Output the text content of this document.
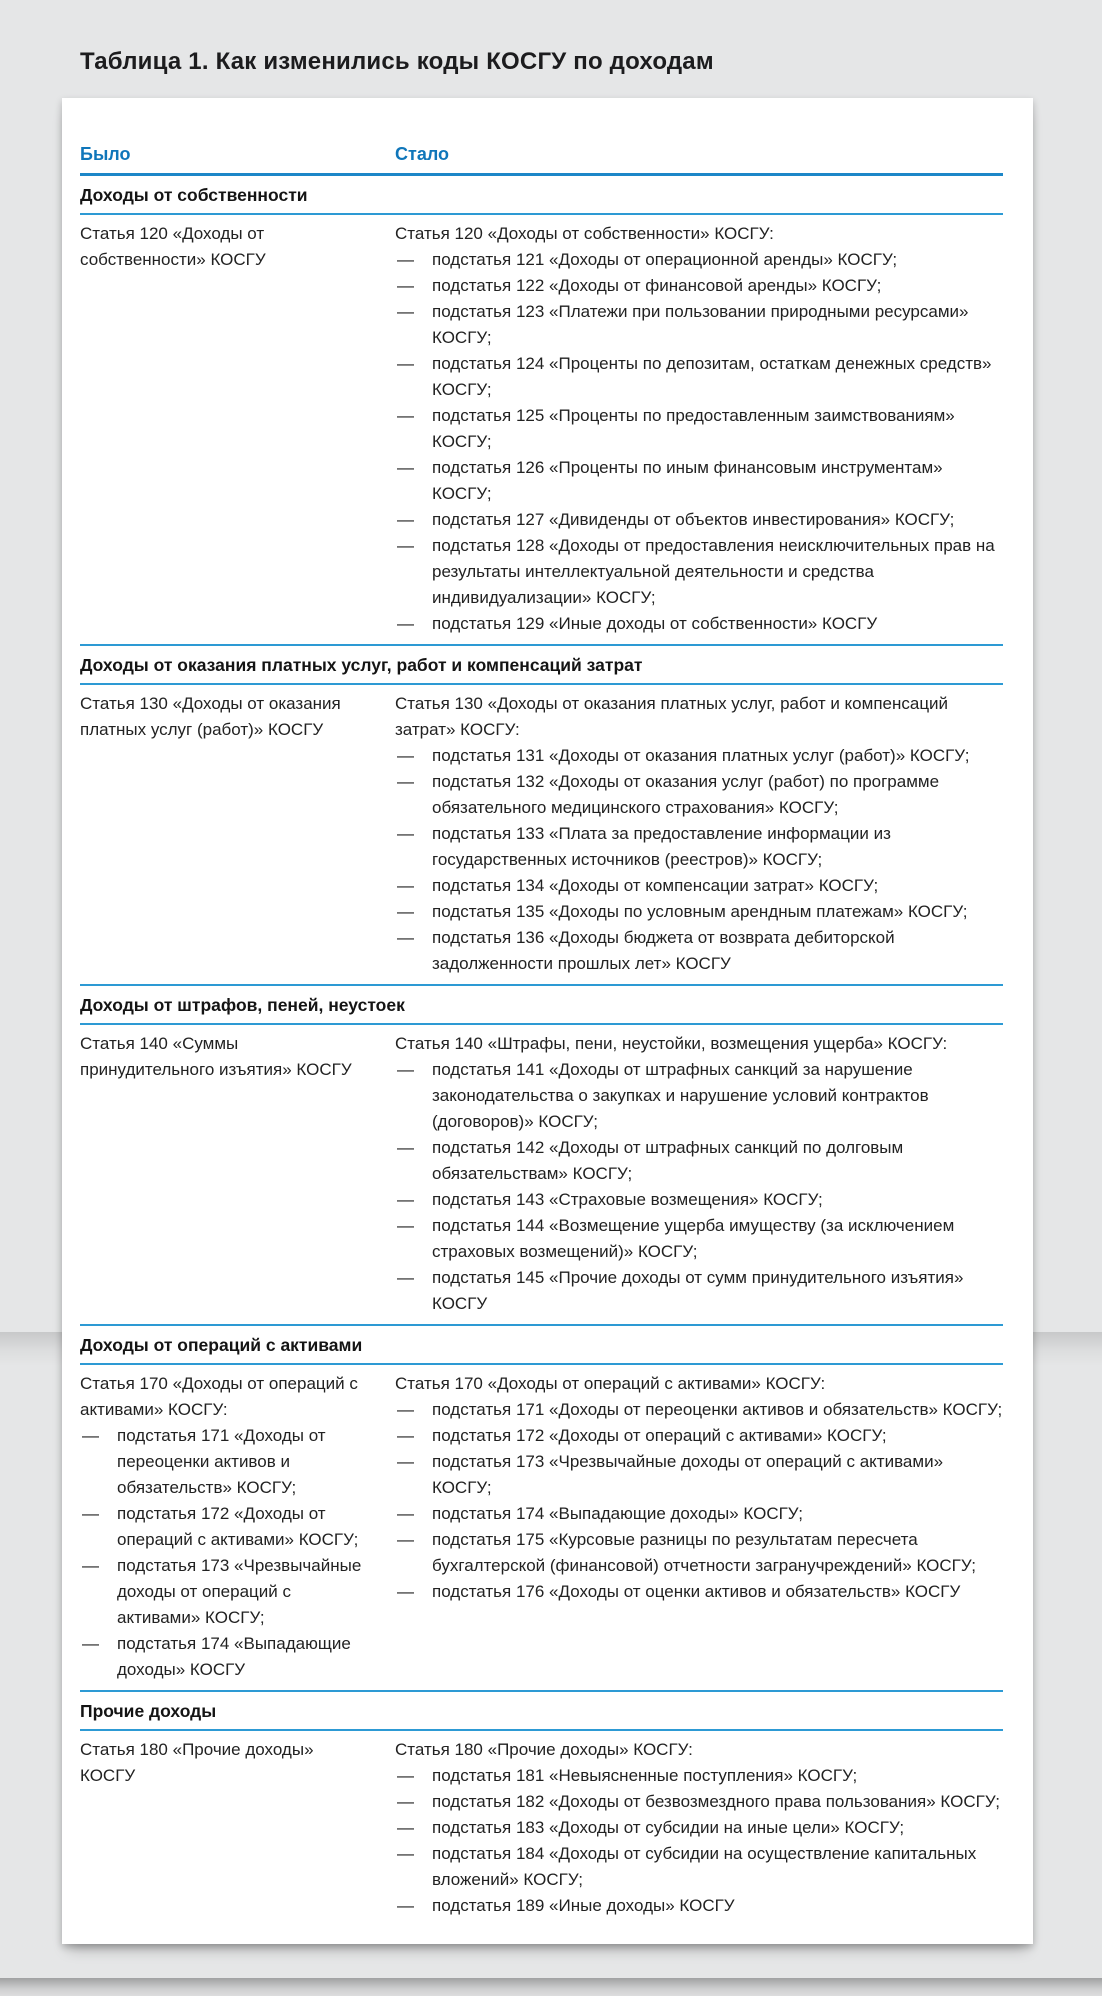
Таблица 1. Как изменились коды КОСГУ по доходам
Было	Стало
Доходы от собственности

Статья 120 «Доходы от собственности» КОСГУ

Статья 120 «Доходы от собственности» КОСГУ:

— подстатья 121 «Доходы от операционной аренды» КОСГУ;
— подстатья 122 «Доходы от финансовой аренды» КОСГУ;
— подстатья 123 «Платежи при пользовании природными ресурсами» КОСГУ;
— подстатья 124 «Проценты по депозитам, остаткам денежных средств» КОСГУ;
— подстатья 125 «Проценты по предоставленным заимствованиям» КОСГУ;
— подстатья 126 «Проценты по иным финансовым инструментам» КОСГУ;
— подстатья 127 «Дивиденды от объектов инвестирования» КОСГУ;
— подстатья 128 «Доходы от предоставления неисключительных прав на результаты интеллектуальной деятельности и средства индивидуализации» КОСГУ;
— подстатья 129 «Иные доходы от собственности» КОСГУ
Доходы от оказания платных услуг, работ и компенсаций затрат

Статья 130 «Доходы от оказания платных услуг (работ)» КОСГУ

Статья 130 «Доходы от оказания платных услуг, работ и компенсаций затрат» КОСГУ:

— подстатья 131 «Доходы от оказания платных услуг (работ)» КОСГУ;
— подстатья 132 «Доходы от оказания услуг (работ) по программе обязательного медицинского страхования» КОСГУ;
— подстатья 133 «Плата за предоставление информации из государственных источников (реестров)» КОСГУ;
— подстатья 134 «Доходы от компенсации затрат» КОСГУ;
— подстатья 135 «Доходы по условным арендным платежам» КОСГУ;
— подстатья 136 «Доходы бюджета от возврата дебиторской задолженности прошлых лет» КОСГУ
Доходы от штрафов, пеней, неустоек

Статья 140 «Суммы принудительного изъятия» КОСГУ

Статья 140 «Штрафы, пени, неустойки, возмещения ущерба» КОСГУ:

— подстатья 141 «Доходы от штрафных санкций за нарушение законодательства о закупках и нарушение условий контрактов (договоров)» КОСГУ;
— подстатья 142 «Доходы от штрафных санкций по долговым обязательствам» КОСГУ;
— подстатья 143 «Страховые возмещения» КОСГУ;
— подстатья 144 «Возмещение ущерба имуществу (за исключением страховых возмещений)» КОСГУ;
— подстатья 145 «Прочие доходы от сумм принудительного изъятия» КОСГУ
Доходы от операций с активами

Статья 170 «Доходы от операций с активами» КОСГУ:

— подстатья 171 «Доходы от переоценки активов и обязательств» КОСГУ;
— подстатья 172 «Доходы от операций с активами» КОСГУ;
— подстатья 173 «Чрезвычайные доходы от операций с активами» КОСГУ;
— подстатья 174 «Выпадающие доходы» КОСГУ

Статья 170 «Доходы от операций с активами» КОСГУ:

— подстатья 171 «Доходы от переоценки активов и обязательств» КОСГУ;
— подстатья 172 «Доходы от операций с активами» КОСГУ;
— подстатья 173 «Чрезвычайные доходы от операций с активами» КОСГУ;
— подстатья 174 «Выпадающие доходы» КОСГУ;
— подстатья 175 «Курсовые разницы по результатам пересчета бухгалтерской (финансовой) отчетности загранучреждений» КОСГУ;
— подстатья 176 «Доходы от оценки активов и обязательств» КОСГУ
Прочие доходы

Статья 180 «Прочие доходы» КОСГУ

Статья 180 «Прочие доходы» КОСГУ:

— подстатья 181 «Невыясненные поступления» КОСГУ;
— подстатья 182 «Доходы от безвозмездного права пользования» КОСГУ;
— подстатья 183 «Доходы от субсидии на иные цели» КОСГУ;
— подстатья 184 «Доходы от субсидии на осуществление капитальных вложений» КОСГУ;
— подстатья 189 «Иные доходы» КОСГУ
